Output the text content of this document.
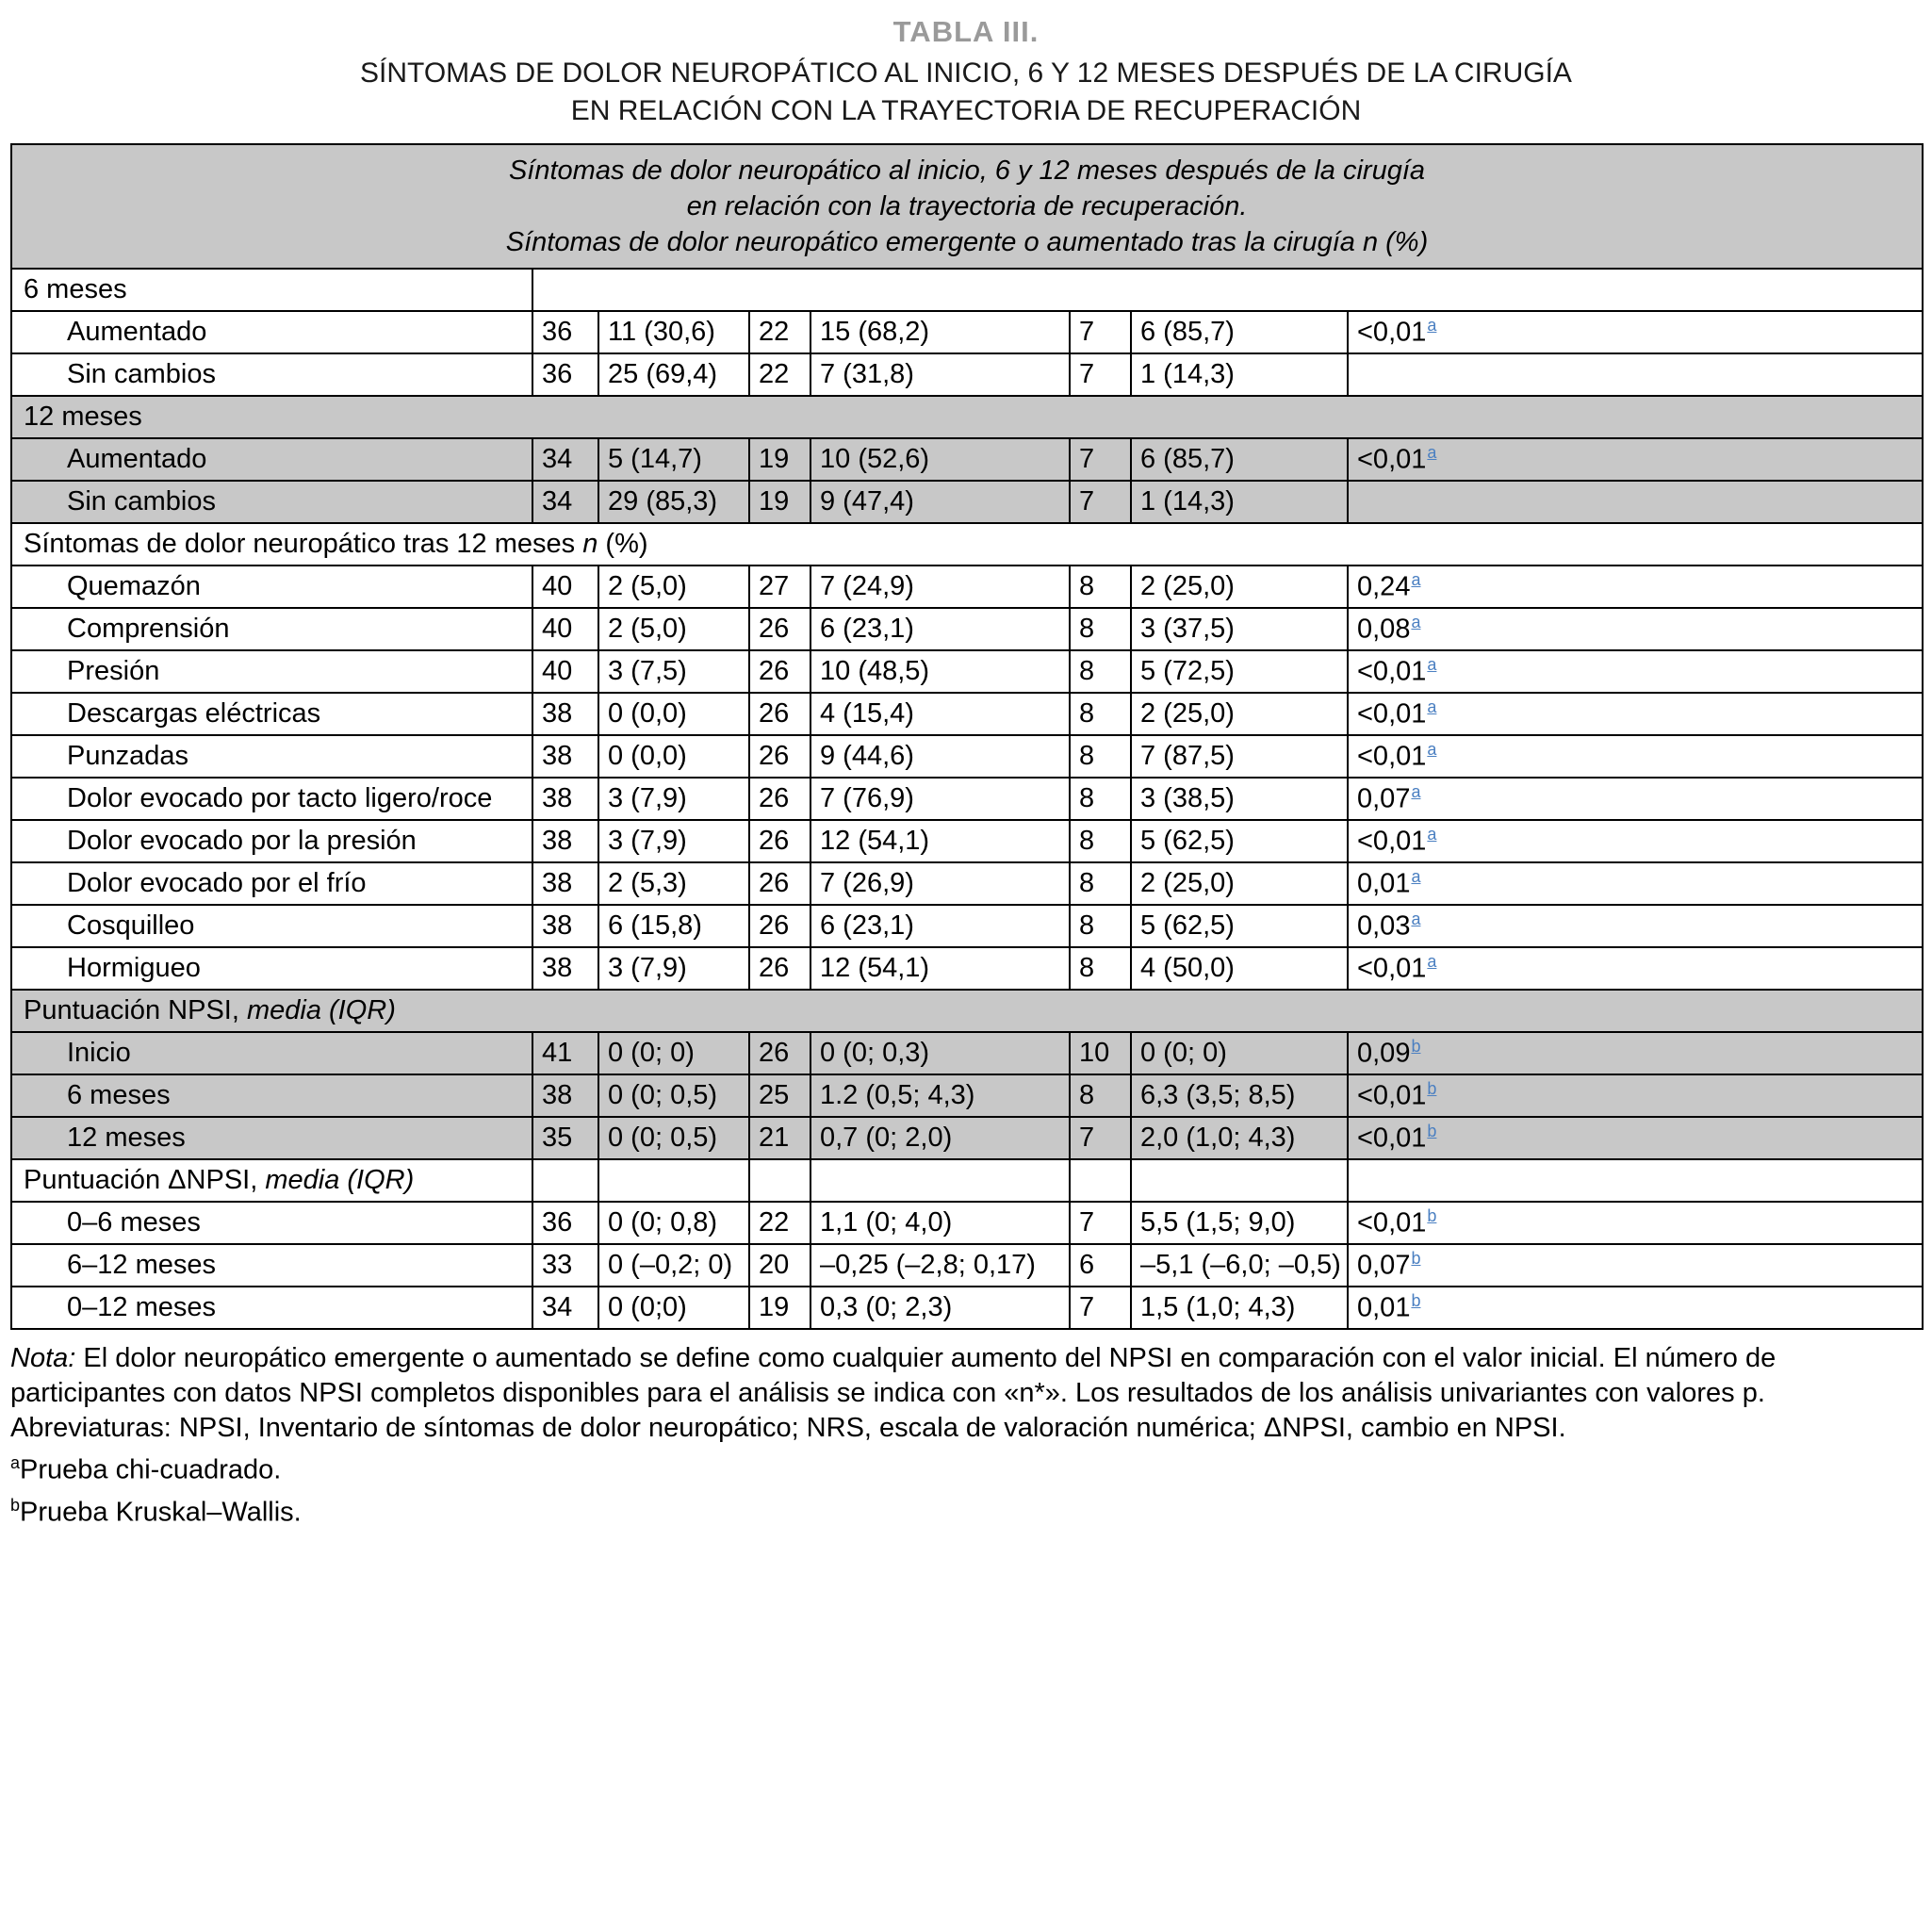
TABLA III.
SÍNTOMAS DE DOLOR NEUROPÁTICO AL INICIO, 6 Y 12 MESES DESPUÉS DE LA CIRUGÍA
EN RELACIÓN CON LA TRAYECTORIA DE RECUPERACIÓN
Síntomas de dolor neuropático al inicio, 6 y 12 meses después de la cirugía
en relación con la trayectoria de recuperación.
Síntomas de dolor neuropático emergente o aumentado tras la cirugía n (%)							

6 meses							
Aumentado	36	11 (30,6)	22	15 (68,2)	7	6 (85,7)	<0,01$^a$
Sin cambios	36	25 (69,4)	22	7 (31,8)	7	1 (14,3)	
12 meses							
Aumentado	34	5 (14,7)	19	10 (52,6)	7	6 (85,7)	<0,01$^a$
Sin cambios	34	29 (85,3)	19	9 (47,4)	7	1 (14,3)	
Síntomas de dolor neuropático tras 12 meses n (%)							
Quemazón	40	2 (5,0)	27	7 (24,9)	8	2 (25,0)	0,24$^a$
Comprensión	40	2 (5,0)	26	6 (23,1)	8	3 (37,5)	0,08$^a$
Presión	40	3 (7,5)	26	10 (48,5)	8	5 (72,5)	<0,01$^a$
Descargas eléctricas	38	0 (0,0)	26	4 (15,4)	8	2 (25,0)	<0,01$^a$
Punzadas	38	0 (0,0)	26	9 (44,6)	8	7 (87,5)	<0,01$^a$
Dolor evocado por tacto ligero/roce	38	3 (7,9)	26	7 (76,9)	8	3 (38,5)	0,07$^a$
Dolor evocado por la presión	38	3 (7,9)	26	12 (54,1)	8	5 (62,5)	<0,01$^a$
Dolor evocado por el frío	38	2 (5,3)	26	7 (26,9)	8	2 (25,0)	0,01$^a$
Cosquilleo	38	6 (15,8)	26	6 (23,1)	8	5 (62,5)	0,03$^a$
Hormigueo	38	3 (7,9)	26	12 (54,1)	8	4 (50,0)	<0,01$^a$
Puntuación NPSI, media (IQR)							
Inicio	41	0 (0; 0)	26	0 (0; 0,3)	10	0 (0; 0)	0,09$^b$
6 meses	38	0 (0; 0,5)	25	1.2 (0,5; 4,3)	8	6,3 (3,5; 8,5)	<0,01$^b$
12 meses	35	0 (0; 0,5)	21	0,7 (0; 2,0)	7	2,0 (1,0; 4,3)	<0,01$^b$
Puntuación ΔNPSI, media (IQR)							
0–6 meses	36	0 (0; 0,8)	22	1,1 (0; 4,0)	7	5,5 (1,5; 9,0)	<0,01$^b$
6–12 meses	33	0 (–0,2; 0)	20	–0,25 (–2,8; 0,17)	6	–5,1 (–6,0; –0,5)	0,07$^b$
0–12 meses	34	0 (0;0)	19	0,3 (0; 2,3)	7	1,5 (1,0; 4,3)	0,01$^b$

Nota: El dolor neuropático emergente o aumentado se define como cualquier aumento del NPSI en comparación con el valor inicial. El número de participantes con datos NPSI completos disponibles para el análisis se indica con «n*». Los resultados de los análisis univariantes con valores p.

Abreviaturas: NPSI, Inventario de síntomas de dolor neuropático; NRS, escala de valoración numérica; ΔNPSI, cambio en NPSI.

$^a$Prueba chi-cuadrado.

$^b$Prueba Kruskal–Wallis.
